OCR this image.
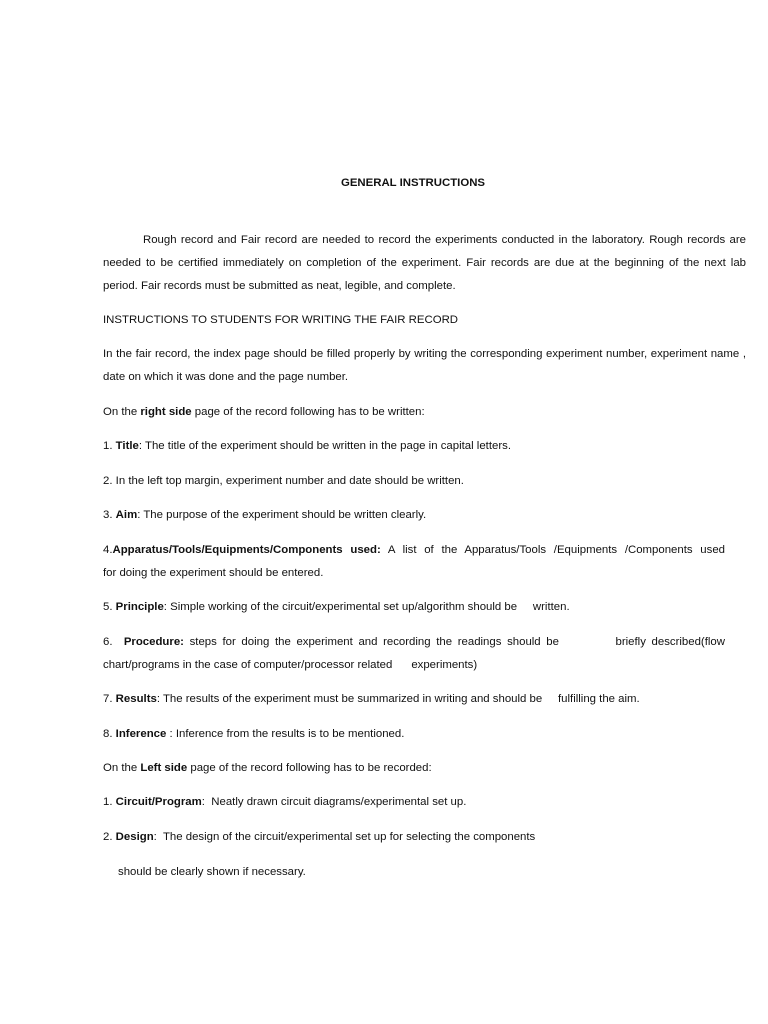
GENERAL INSTRUCTIONS

Rough record and Fair record are needed to record the experiments conducted in the laboratory. Rough records are needed to be certified immediately on completion of the experiment. Fair records are due at the beginning of the next lab period. Fair records must be submitted as neat, legible, and complete.

INSTRUCTIONS TO STUDENTS FOR WRITING THE FAIR RECORD

In the fair record, the index page should be filled properly by writing the corresponding experiment number, experiment name , date on which it was done and the page number.

On the right side page of the record following has to be written:

1. Title: The title of the experiment should be written in the page in capital letters.

2. In the left top margin, experiment number and date should be written.

3. Aim: The purpose of the experiment should be written clearly.

4.Apparatus/Tools/Equipments/Components used: A list of the Apparatus/Tools /Equipments /Components used
for doing the experiment should be entered.

5. Principle: Simple working of the circuit/experimental set up/algorithm should be     written.

6.  Procedure: steps for doing the experiment and recording the readings should be          briefly described(flow
chart/programs in the case of computer/processor related      experiments)

7. Results: The results of the experiment must be summarized in writing and should be     fulfilling the aim.

8. Inference : Inference from the results is to be mentioned.

On the Left side page of the record following has to be recorded:

1. Circuit/Program:  Neatly drawn circuit diagrams/experimental set up.

2. Design:  The design of the circuit/experimental set up for selecting the components

should be clearly shown if necessary.
